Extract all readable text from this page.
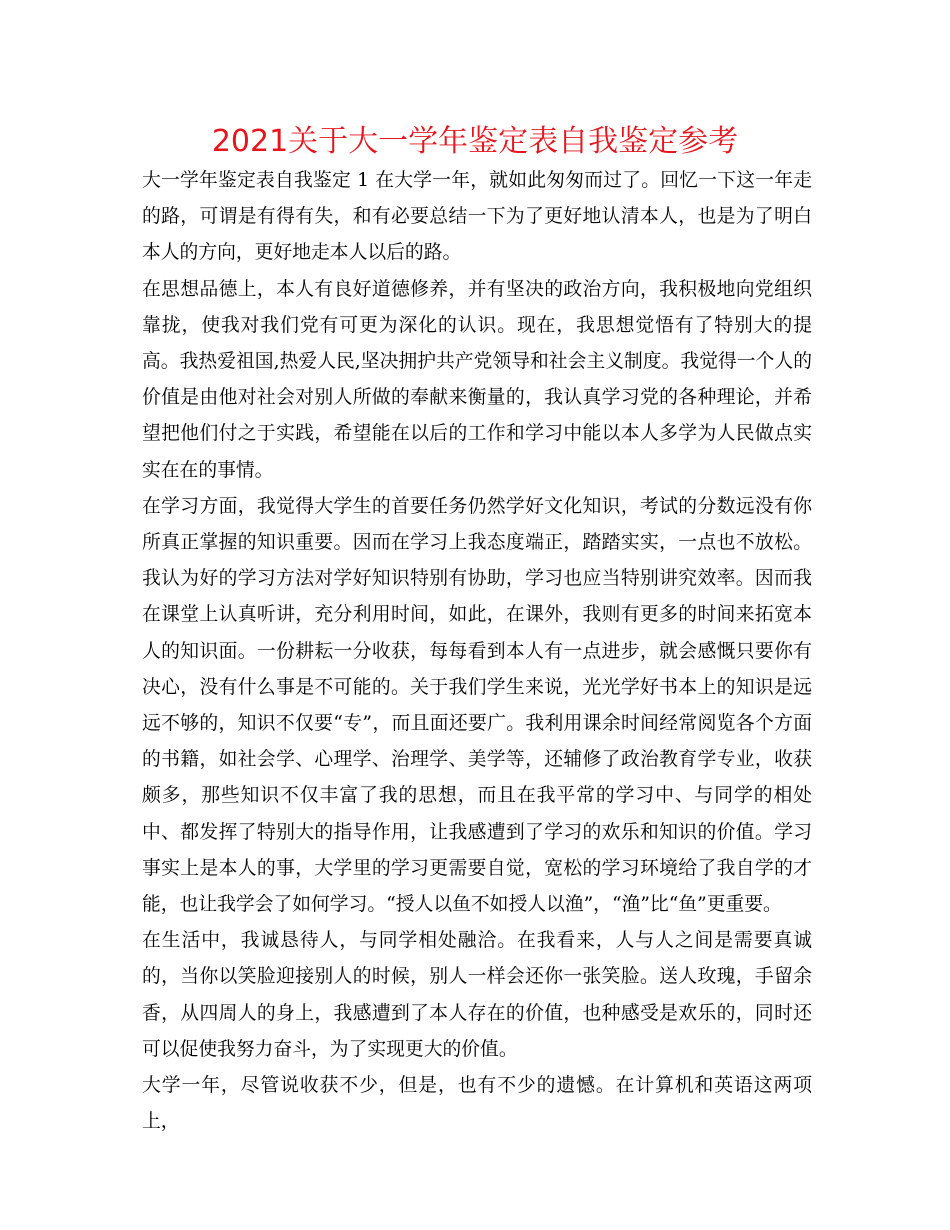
2021关于大一学年鉴定表自我鉴定参考

大一学年鉴定表自我鉴定 1 在大学一年，就如此匆匆而过了。回忆一下这一年走的路，可谓是有得有失，和有必要总结一下为了更好地认清本人，也是为了明白本人的方向，更好地走本人以后的路。

在思想品德上，本人有良好道德修养，并有坚决的政治方向，我积极地向党组织靠拢，使我对我们党有可更为深化的认识。现在，我思想觉悟有了特别大的提高。我热爱祖国,热爱人民,坚决拥护共产党领导和社会主义制度。我觉得一个人的价值是由他对社会对别人所做的奉献来衡量的，我认真学习党的各种理论，并希望把他们付之于实践，希望能在以后的工作和学习中能以本人多学为人民做点实实在在的事情。

在学习方面，我觉得大学生的首要任务仍然学好文化知识，考试的分数远没有你所真正掌握的知识重要。因而在学习上我态度端正，踏踏实实，一点也不放松。我认为好的学习方法对学好知识特别有协助，学习也应当特别讲究效率。因而我在课堂上认真听讲，充分利用时间，如此，在课外，我则有更多的时间来拓宽本人的知识面。一份耕耘一分收获，每每看到本人有一点进步，就会感慨只要你有决心，没有什么事是不可能的。关于我们学生来说，光光学好书本上的知识是远远不够的，知识不仅要“专”，而且面还要广。我利用课余时间经常阅览各个方面的书籍，如社会学、心理学、治理学、美学等，还辅修了政治教育学专业，收获颇多，那些知识不仅丰富了我的思想，而且在我平常的学习中、与同学的相处中、都发挥了特别大的指导作用，让我感遭到了学习的欢乐和知识的价值。学习事实上是本人的事，大学里的学习更需要自觉，宽松的学习环境给了我自学的才能，也让我学会了如何学习。“授人以鱼不如授人以渔”，“渔”比“鱼”更重要。

在生活中，我诚恳待人，与同学相处融洽。在我看来，人与人之间是需要真诚的，当你以笑脸迎接别人的时候，别人一样会还你一张笑脸。送人玫瑰，手留余香，从四周人的身上，我感遭到了本人存在的价值，也种感受是欢乐的，同时还可以促使我努力奋斗，为了实现更大的价值。

大学一年，尽管说收获不少，但是，也有不少的遗憾。在计算机和英语这两项上，
